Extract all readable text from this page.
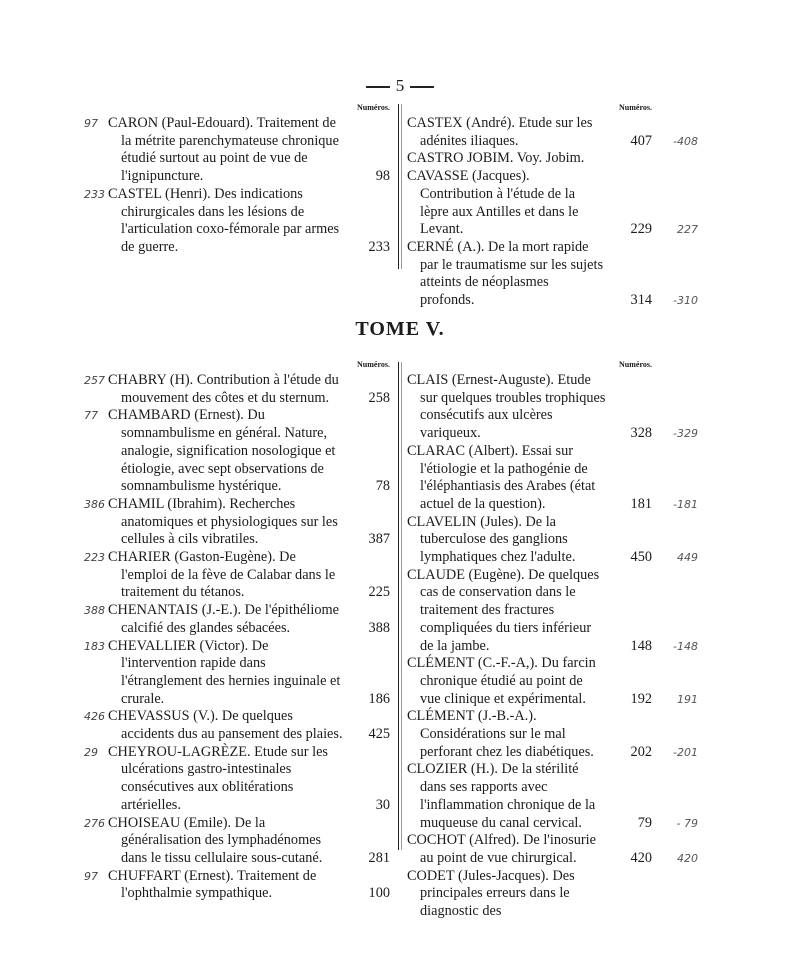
5
Numéros.
97 CARON (Paul-Edouard). Traitement de la métrite parenchymateuse chronique étudié surtout au point de vue de l'ignipuncture.	98
233 CASTEL (Henri). Des indications chirurgicales dans les lésions de l'articulation coxo-fémorale par armes de guerre.	233
Numéros.
CASTEX (André). Etude sur les adénites iliaques.	407 -408
CASTRO JOBIM. Voy. Jobim.
CAVASSE (Jacques). Contribution à l'étude de la lèpre aux Antilles et dans le Levant.	229 227
CERNÉ (A.). De la mort rapide par le traumatisme sur les sujets atteints de néoplasmes profonds.	314 -310
TOME V.
Numéros.
257 CHABRY (H). Contribution à l'étude du mouvement des côtes et du sternum.	258
77 CHAMBARD (Ernest). Du somnambulisme en général. Nature, analogie, signification nosologique et étiologie, avec sept observations de somnambulisme hystérique.	78
386 CHAMIL (Ibrahim). Recherches anatomiques et physiologiques sur les cellules à cils vibratiles.	387
223 CHARIER (Gaston-Eugène). De l'emploi de la fève de Calabar dans le traitement du tétanos.	225
388 CHENANTAIS (J.-E.). De l'épithéliome calcifié des glandes sébacées.	388
183 CHEVALLIER (Victor). De l'intervention rapide dans l'étranglement des hernies inguinale et crurale.	186
426 CHEVASSUS (V.). De quelques accidents dus au pansement des plaies. 425
29 CHEYROU-LAGRÈZE. Etude sur les ulcérations gastro-intestinales consécutives aux oblitérations artérielles.	30
276 CHOISEAU (Emile). De la généralisation des lymphadénomes dans le tissu cellulaire sous-cutané.	281
97 CHUFFART (Ernest). Traitement de l'ophthalmie sympathique.	100
Numéros.
CLAIS (Ernest-Auguste). Etude sur quelques troubles trophiques consécutifs aux ulcères variqueux.	328 -329
CLARAC (Albert). Essai sur l'étiologie et la pathogénie de l'éléphantiasis des Arabes (état actuel de la question).	181 -181
CLAVELIN (Jules). De la tuberculose des ganglions lymphatiques chez l'adulte.	450 449
CLAUDE (Eugène). De quelques cas de conservation dans le traitement des fractures compliquées du tiers inférieur de la jambe.	148 -148
CLÉMENT (C.-F.-A,). Du farcin chronique étudié au point de vue clinique et expérimental.	192 191
CLÉMENT (J.-B.-A.). Considérations sur le mal perforant chez les diabétiques.	202 -201
CLOZIER (H.). De la stérilité dans ses rapports avec l'inflammation chronique de la muqueuse du canal cervical.	79 - 79
COCHOT (Alfred). De l'inosurie au point de vue chirurgical.	420 420
CODET (Jules-Jacques). Des principales erreurs dans le diagnostic des
